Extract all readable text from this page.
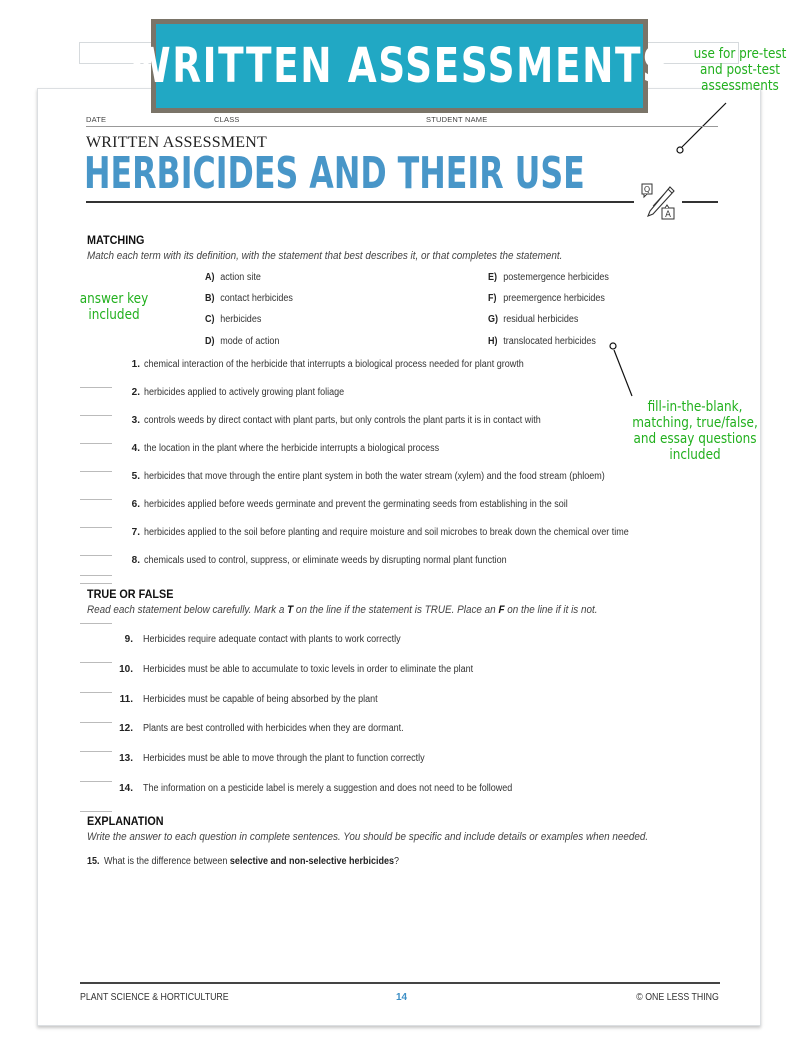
WRITTEN ASSESSMENTS	use for pre-test
and post-test
assessments
answer key
included
fill-in-the-blank,
matching, true/false,
and essay questions
included
DATE	CLASS	STUDENT NAME
WRITTEN ASSESSMENT
HERBICIDES AND THEIR USE	Q
A
MATCHING
Match each term with its definition, with the statement that best describes it, or that completes the statement.
A) action site
B) contact herbicides
C) herbicides
D) mode of action
E) postemergence herbicides
F) preemergence herbicides
G) residual herbicides
H) translocated herbicides
1. chemical interaction of the herbicide that interrupts a biological process needed for plant growth
2. herbicides applied to actively growing plant foliage
3. controls weeds by direct contact with plant parts, but only controls the plant parts it is in contact with
4. the location in the plant where the herbicide interrupts a biological process
5. herbicides that move through the entire plant system in both the water stream (xylem) and the food stream (phloem)
6. herbicides applied before weeds germinate and prevent the germinating seeds from establishing in the soil
7. herbicides applied to the soil before planting and require moisture and soil microbes to break down the chemical over time
8. chemicals used to control, suppress, or eliminate weeds by disrupting normal plant function
TRUE OR FALSE
Read each statement below carefully. Mark a T on the line if the statement is TRUE. Place an F on the line if it is not.
9. Herbicides require adequate contact with plants to work correctly
10. Herbicides must be able to accumulate to toxic levels in order to eliminate the plant
11. Herbicides must be capable of being absorbed by the plant
12. Plants are best controlled with herbicides when they are dormant.
13. Herbicides must be able to move through the plant to function correctly
14. The information on a pesticide label is merely a suggestion and does not need to be followed
EXPLANATION
Write the answer to each question in complete sentences. You should be specific and include details or examples when needed.
15. What is the difference between selective and non-selective herbicides?
PLANT SCIENCE & HORTICULTURE	14	© ONE LESS THING
